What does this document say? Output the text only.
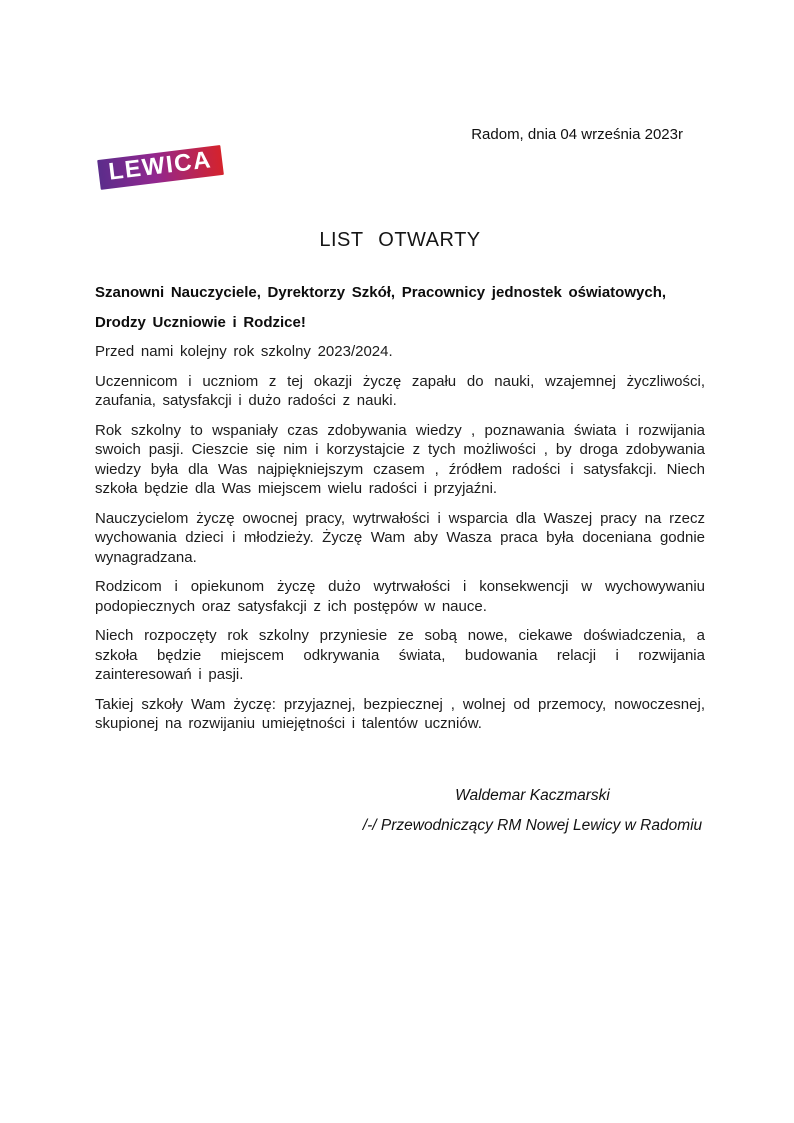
Radom, dnia 04 września 2023r
LEWICA
LIST OTWARTY

Szanowni Nauczyciele, Dyrektorzy Szkół, Pracownicy jednostek oświatowych,

Drodzy Uczniowie i Rodzice!

Przed nami kolejny rok szkolny 2023/2024.

Uczennicom i uczniom z tej okazji życzę zapału do nauki, wzajemnej życzliwości, zaufania, satysfakcji i dużo radości z nauki.

Rok szkolny to wspaniały czas zdobywania wiedzy , poznawania świata i rozwijania swoich pasji. Cieszcie się nim i korzystajcie z tych możliwości , by droga zdobywania wiedzy była dla Was najpiękniejszym czasem , źródłem radości i satysfakcji. Niech szkoła będzie dla Was miejscem wielu radości i przyjaźni.

Nauczycielom życzę owocnej pracy, wytrwałości i wsparcia dla Waszej pracy na rzecz wychowania dzieci i młodzieży. Życzę Wam aby Wasza praca była doceniana godnie wynagradzana.

Rodzicom i opiekunom życzę dużo wytrwałości i konsekwencji w wychowywaniu podopiecznych oraz satysfakcji z ich postępów w nauce.

Niech rozpoczęty rok szkolny przyniesie ze sobą nowe, ciekawe doświadczenia, a szkoła będzie miejscem odkrywania świata, budowania relacji i rozwijania zainteresowań i pasji.

Takiej szkoły Wam życzę: przyjaznej, bezpiecznej , wolnej od przemocy, nowoczesnej, skupionej na rozwijaniu umiejętności i talentów uczniów.

Waldemar Kaczmarski

/-/ Przewodniczący RM Nowej Lewicy w Radomiu
